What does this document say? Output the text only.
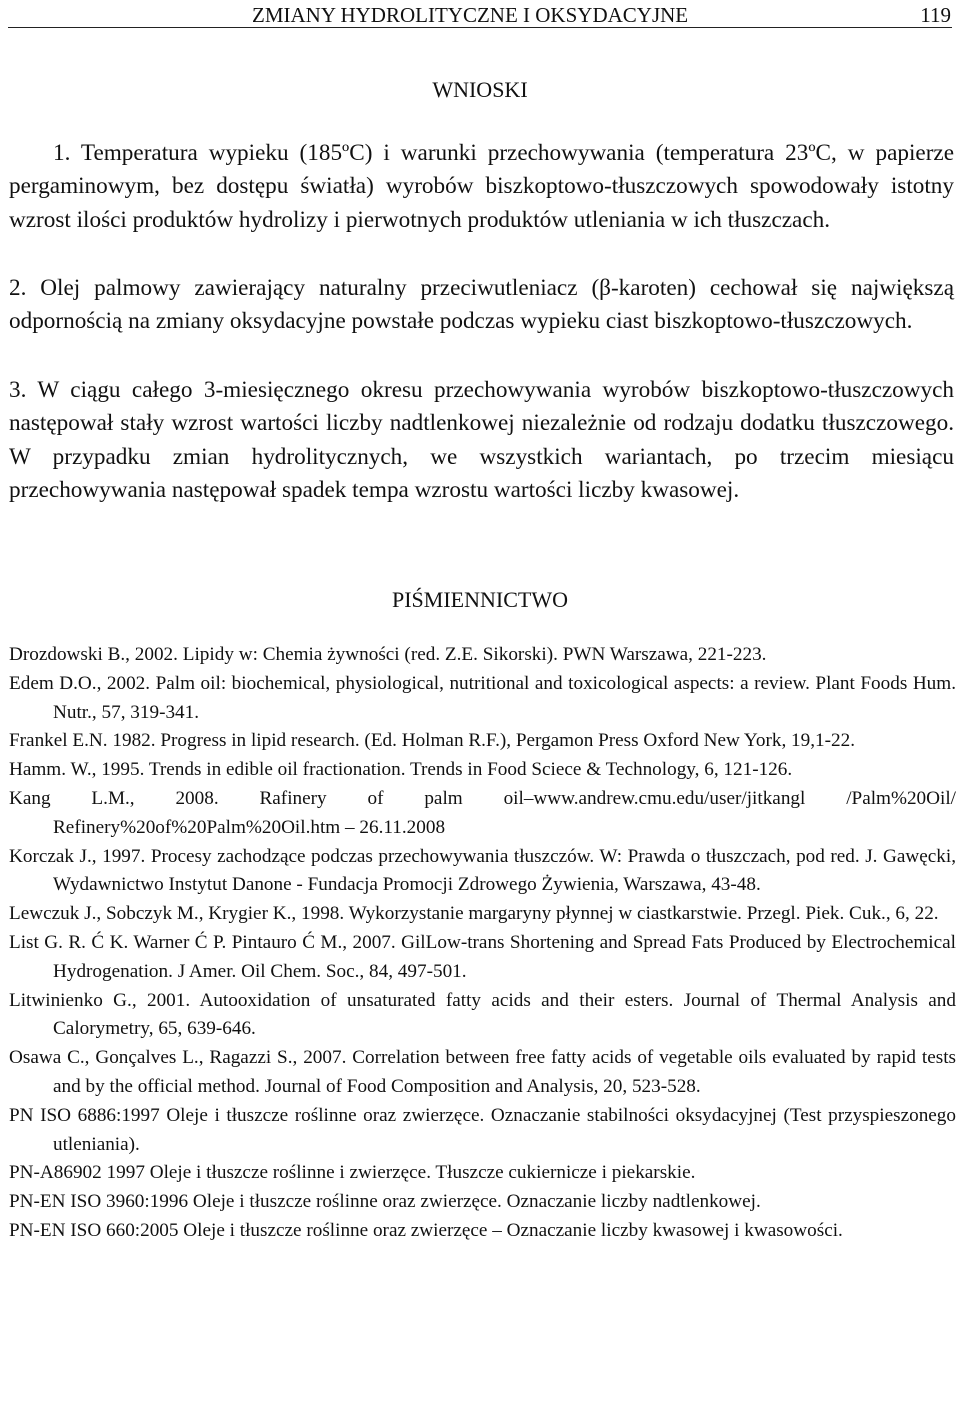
ZMIANY HYDROLITYCZNE I OKSYDACYJNE	119
WNIOSKI

1. Temperatura wypieku (185ºC) i warunki przechowywania (temperatura 23ºC, w papierze pergaminowym, bez dostępu światła) wyrobów biszkoptowo-tłuszczowych spowodowały istotny wzrost ilości produktów hydrolizy i pierwotnych produktów utleniania w ich tłuszczach.

2. Olej palmowy zawierający naturalny przeciwutleniacz (β-karoten) cechował się największą odpornością na zmiany oksydacyjne powstałe podczas wypieku ciast biszkoptowo-tłuszczowych.

3. W ciągu całego 3-miesięcznego okresu przechowywania wyrobów biszkoptowo-tłuszczowych następował stały wzrost wartości liczby nadtlenkowej niezależnie od rodzaju dodatku tłuszczowego. W przypadku zmian hydrolitycznych, we wszystkich wariantach, po trzecim miesiącu przechowywania następował spadek tempa wzrostu wartości liczby kwasowej.

PIŚMIENNICTWO
Drozdowski B., 2002. Lipidy w: Chemia żywności (red. Z.E. Sikorski). PWN Warszawa, 221-223.
Edem D.O., 2002. Palm oil: biochemical, physiological, nutritional and toxicological aspects: a review. Plant Foods Hum. Nutr., 57, 319-341.
Frankel E.N. 1982. Progress in lipid research. (Ed. Holman R.F.), Pergamon Press Oxford New York, 19,1-22.
Hamm. W., 1995. Trends in edible oil fractionation. Trends in Food Sciece & Technology, 6, 121-126.
Kang L.M., 2008. Rafinery of palm oil–www.andrew.cmu.edu/user/jitkangl /Palm%20Oil/ Refinery%20of%20Palm%20Oil.htm – 26.11.2008
Korczak J., 1997. Procesy zachodzące podczas przechowywania tłuszczów. W: Prawda o tłuszczach, pod red. J. Gawęcki, Wydawnictwo Instytut Danone - Fundacja Promocji Zdrowego Żywienia, Warszawa, 43-48.
Lewczuk J., Sobczyk M., Krygier K., 1998. Wykorzystanie margaryny płynnej w ciastkarstwie. Przegl. Piek. Cuk., 6, 22.
List G. R. Ć K. Warner Ć P. Pintauro Ć M., 2007. GilLow-trans Shortening and Spread Fats Produced by Electrochemical Hydrogenation. J Amer. Oil Chem. Soc., 84, 497-501.
Litwinienko G., 2001. Autooxidation of unsaturated fatty acids and their esters. Journal of Thermal Analysis and Calorymetry, 65, 639-646.
Osawa C., Gonçalves L., Ragazzi S., 2007. Correlation between free fatty acids of vegetable oils evaluated by rapid tests and by the official method. Journal of Food Composition and Analysis, 20, 523-528.
PN ISO 6886:1997 Oleje i tłuszcze roślinne oraz zwierzęce. Oznaczanie stabilności oksydacyjnej (Test przyspieszonego utleniania).
PN-A86902 1997 Oleje i tłuszcze roślinne i zwierzęce. Tłuszcze cukiernicze i piekarskie.
PN-EN ISO 3960:1996 Oleje i tłuszcze roślinne oraz zwierzęce. Oznaczanie liczby nadtlenkowej.
PN-EN ISO 660:2005 Oleje i tłuszcze roślinne oraz zwierzęce – Oznaczanie liczby kwasowej i kwasowości.
